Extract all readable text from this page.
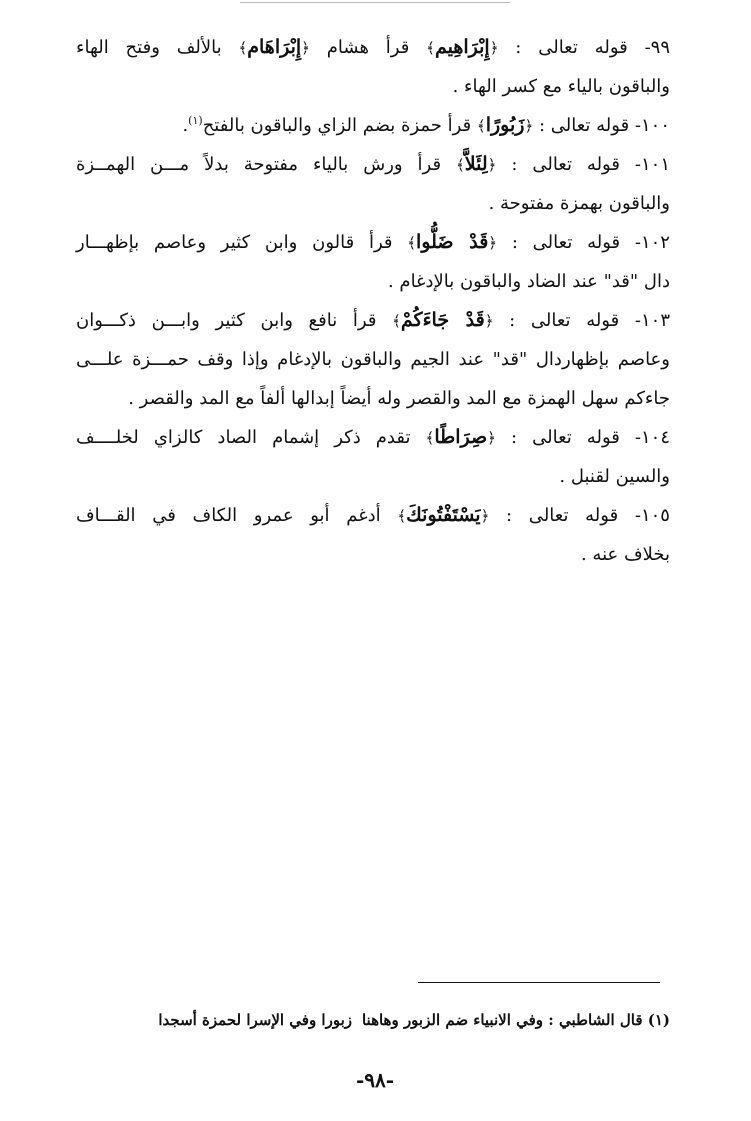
٩٩- قوله تعالى : ﴿إِبْرَاهِيم﴾ قرأ هشام ﴿إِبْرَاهَام﴾ بالألف وفتح الهاء
والباقون بالياء مع كسر الهاء .
١٠٠- قوله تعالى : ﴿زَبُورًا﴾ قرأ حمزة بضم الزاي والباقون بالفتح$^{(١)}$.
١٠١- قوله تعالى : ﴿لِئَلاَّ﴾ قرأ ورش بالياء مفتوحة بدلاً مـــن الهمــزة
والباقون بهمزة مفتوحة .
١٠٢- قوله تعالى : ﴿قَدْ ضَلُّوا﴾ قرأ قالون وابن كثير وعاصم بإظهـــار
دال "قد" عند الضاد والباقون بالإدغام .
١٠٣- قوله تعالى : ﴿قَدْ جَاءَكُمْ﴾ قرأ نافع وابن كثير وابـــن ذكـــوان
وعاصم بإظهاردال "قد" عند الجيم والباقون بالإدغام وإذا وقف حمـــزة علـــى
جاءكم سهل الهمزة مع المد والقصر وله أيضاً إبدالها ألفاً مع المد والقصر .
١٠٤- قوله تعالى : ﴿صِرَاطًا﴾ تقدم ذكر إشمام الصاد كالزاي لخلــــف
والسين لقنبل .
١٠٥- قوله تعالى : ﴿يَسْتَفْتُونَكَ﴾ أدغم أبو عمرو الكاف في القـــاف
بخلاف عنه .
(١) قال الشاطبي : وفي الانبياء ضم الزبور وهاهنازبورا وفي الإسرا لحمزة أسجدا
-٩٨-
